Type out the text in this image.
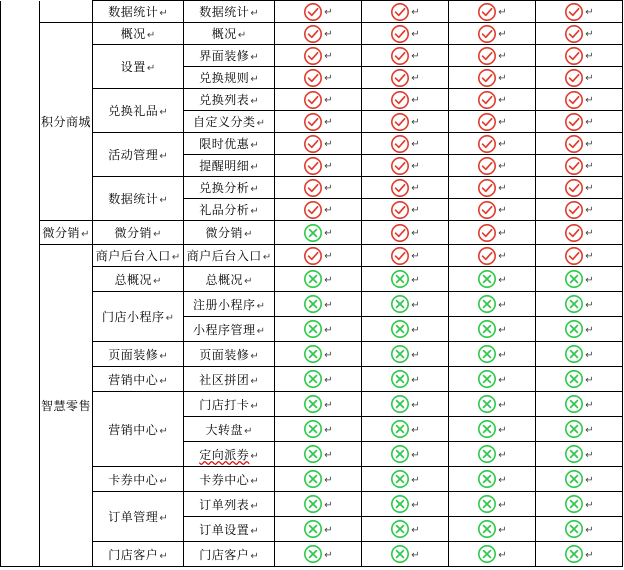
		数据统计↵	数据统计↵	↵	↵	↵	↵
	积分商城	概况↵	概况↵	↵	↵	↵	↵
		设置↵	界面装修↵	↵	↵	↵	↵
			兑换规则↵	↵	↵	↵	↵
		兑换礼品↵	兑换列表↵	↵	↵	↵	↵
			自定义分类↵	↵	↵	↵	↵
		活动管理↵	限时优惠↵	↵	↵	↵	↵
			提醒明细↵	↵	↵	↵	↵
		数据统计↵	兑换分析↵	↵	↵	↵	↵
			礼品分析↵	↵	↵	↵	↵
	微分销↵	微分销↵	微分销↵	↵	↵	↵	↵
	智慧零售	商户后台入口↵	商户后台入口↵	↵	↵	↵	↵
		总概况↵	总概况↵	↵	↵	↵	↵
		门店小程序↵	注册小程序↵	↵	↵	↵	↵
			小程序管理↵	↵	↵	↵	↵
		页面装修↵	页面装修↵	↵	↵	↵	↵
		营销中心↵	社区拼团↵	↵	↵	↵	↵
		营销中心↵	门店打卡↵	↵	↵	↵	↵
			大转盘↵	↵	↵	↵	↵
			定向派券↵	↵	↵	↵	↵
		卡券中心↵	卡券中心↵	↵	↵	↵	↵
		订单管理↵	订单列表↵	↵	↵	↵	↵
			订单设置↵	↵	↵	↵	↵
		门店客户↵	门店客户↵	↵	↵	↵	↵
